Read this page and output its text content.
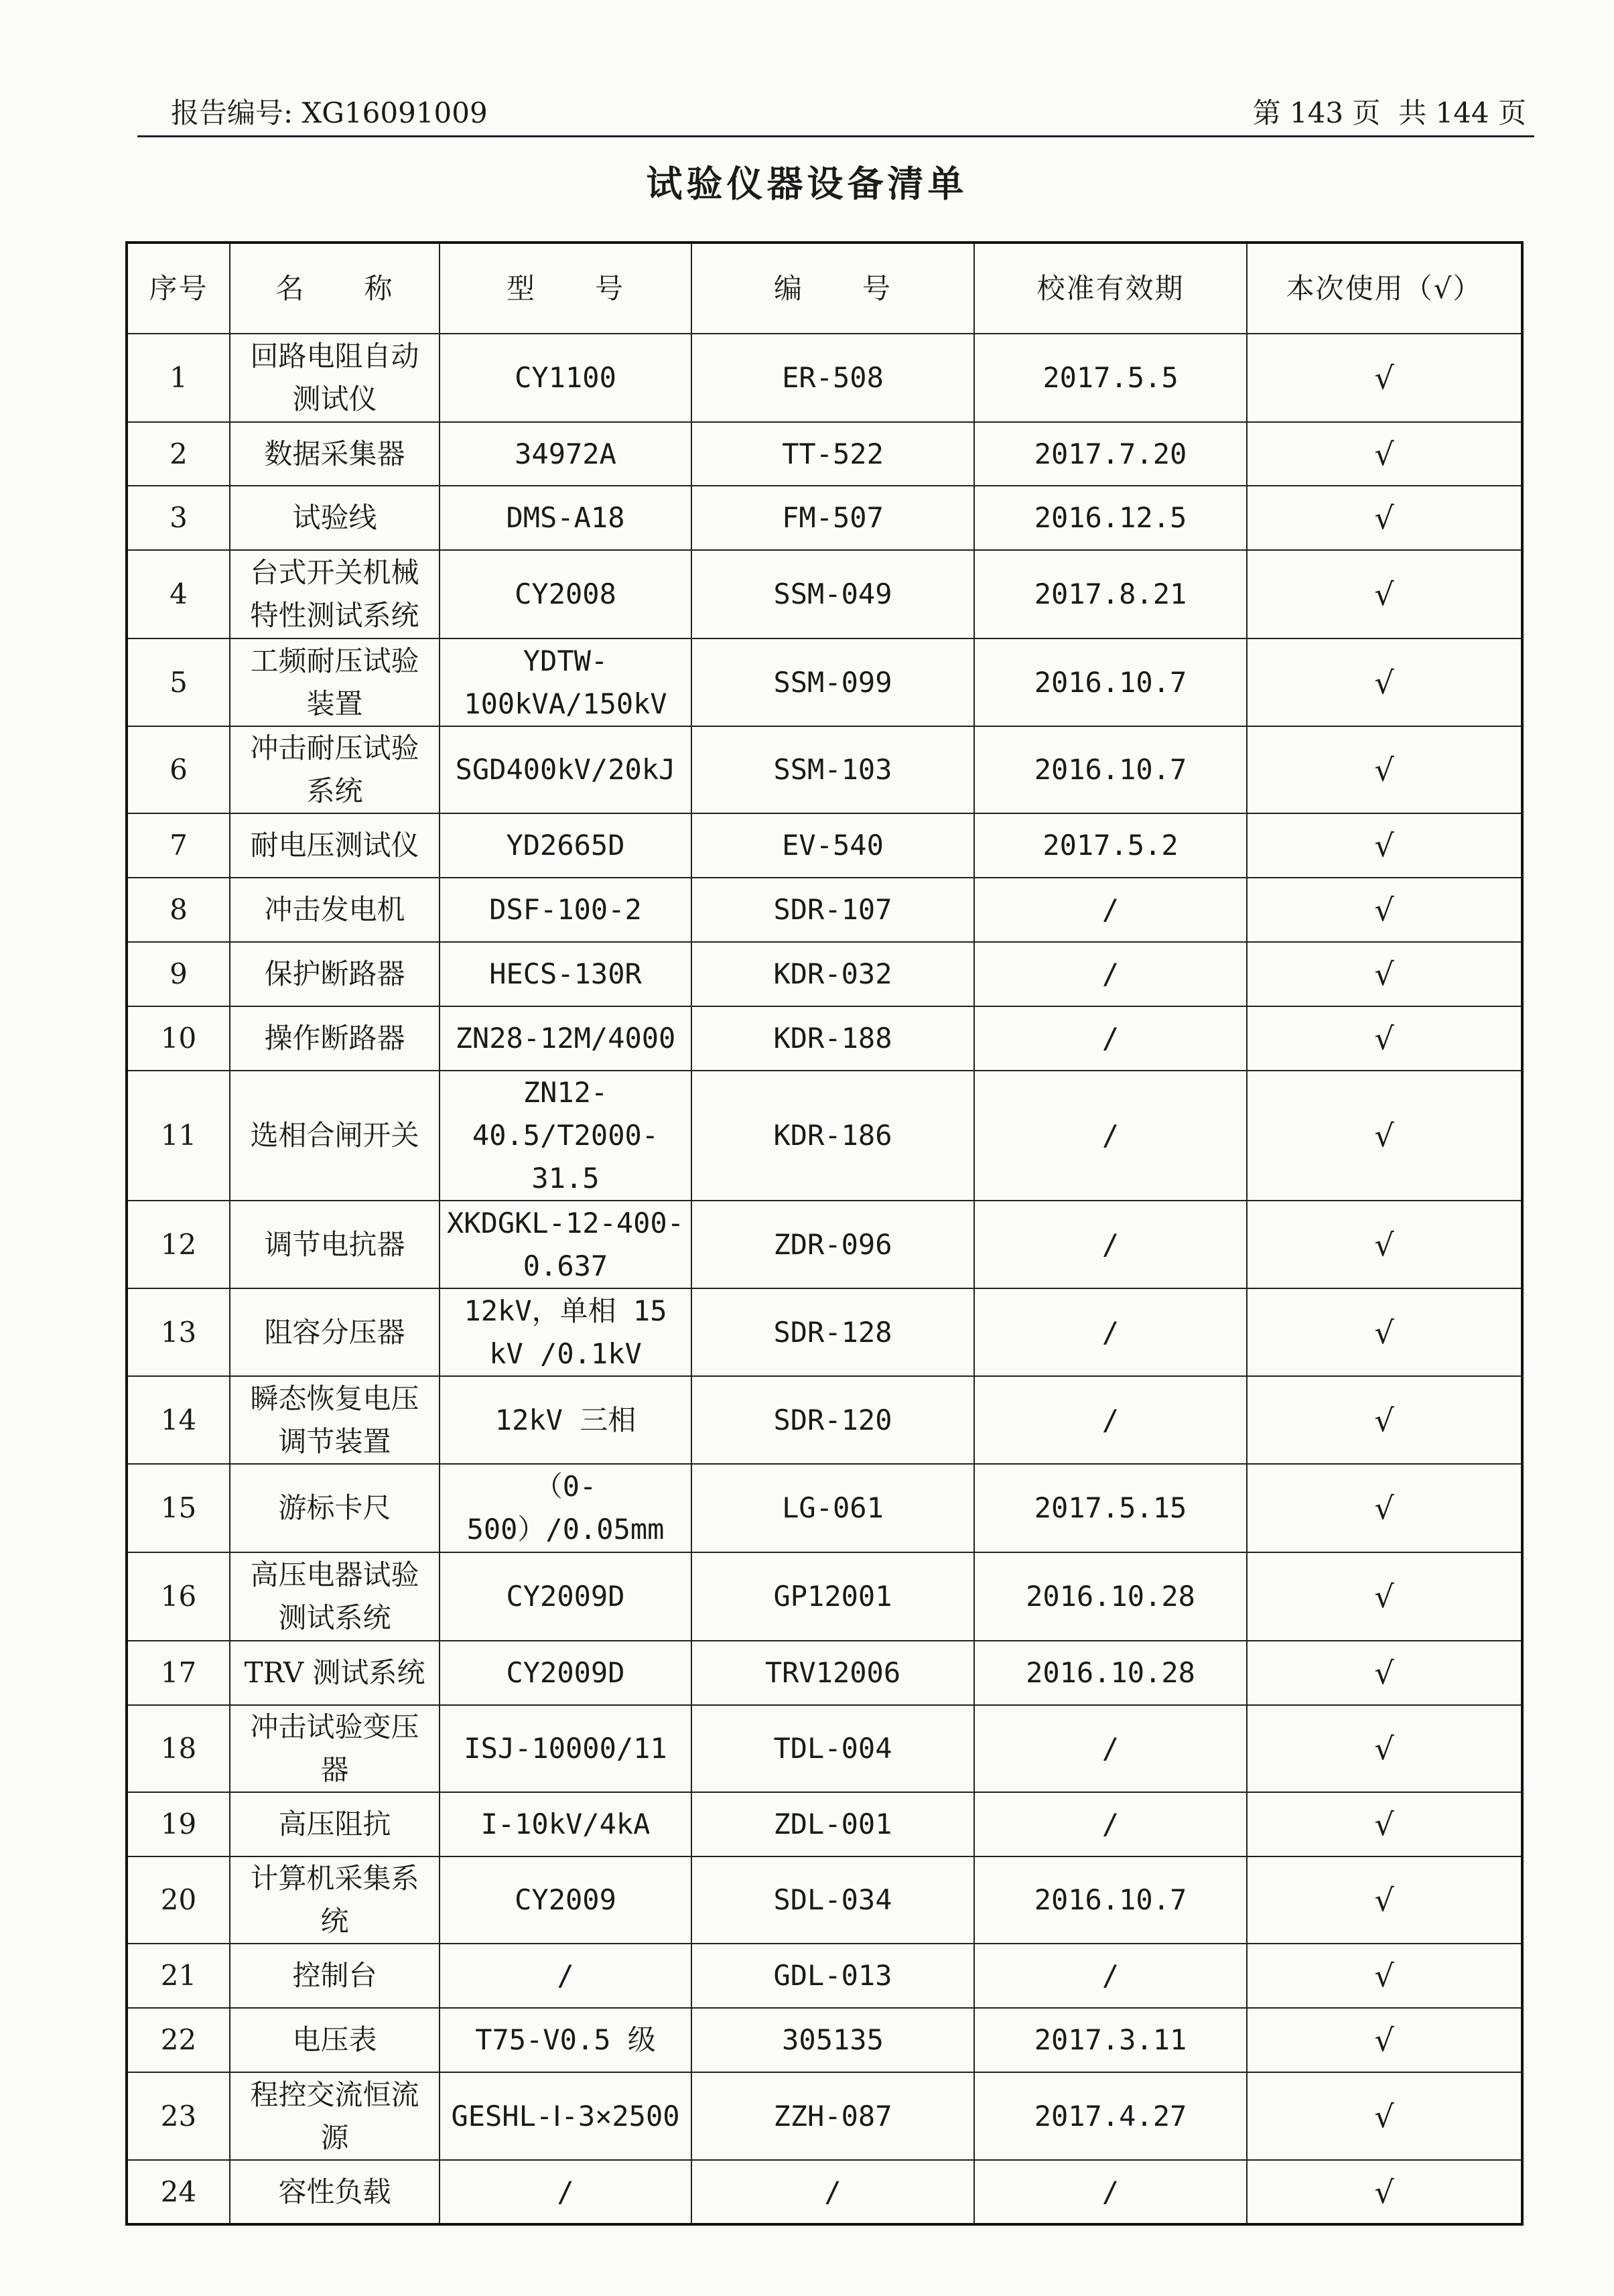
报告编号: XG16091009	第 143 页  共 144 页
试验仪器设备清单
序号	名　　称	型　　号	编　　号	校准有效期	本次使用（√）
1	回路电阻自动测试仪	CY1100	ER-508	2017.5.5	√
2	数据采集器	34972A	TT-522	2017.7.20	√
3	试验线	DMS-A18	FM-507	2016.12.5	√
4	台式开关机械特性测试系统	CY2008	SSM-049	2017.8.21	√
5	工频耐压试验装置	YDTW-100kVA/150kV	SSM-099	2016.10.7	√
6	冲击耐压试验系统	SGD400kV/20kJ	SSM-103	2016.10.7	√
7	耐电压测试仪	YD2665D	EV-540	2017.5.2	√
8	冲击发电机	DSF-100-2	SDR-107	/	√
9	保护断路器	HECS-130R	KDR-032	/	√
10	操作断路器	ZN28-12M/4000	KDR-188	/	√
11	选相合闸开关	ZN12-40.5/T2000-31.5	KDR-186	/	√
12	调节电抗器	XKDGKL-12-400-0.637	ZDR-096	/	√
13	阻容分压器	12kV，单相 15 kV /0.1kV	SDR-128	/	√
14	瞬态恢复电压调节装置	12kV 三相	SDR-120	/	√
15	游标卡尺	（0-500）/0.05mm	LG-061	2017.5.15	√
16	高压电器试验测试系统	CY2009D	GP12001	2016.10.28	√
17	TRV 测试系统	CY2009D	TRV12006	2016.10.28	√
18	冲击试验变压器	ISJ-10000/11	TDL-004	/	√
19	高压阻抗	I-10kV/4kA	ZDL-001	/	√
20	计算机采集系统	CY2009	SDL-034	2016.10.7	√
21	控制台	/	GDL-013	/	√
22	电压表	T75-V0.5 级	305135	2017.3.11	√
23	程控交流恒流源	GESHL-Ⅰ-3×2500	ZZH-087	2017.4.27	√
24	容性负载	/	/	/	√
